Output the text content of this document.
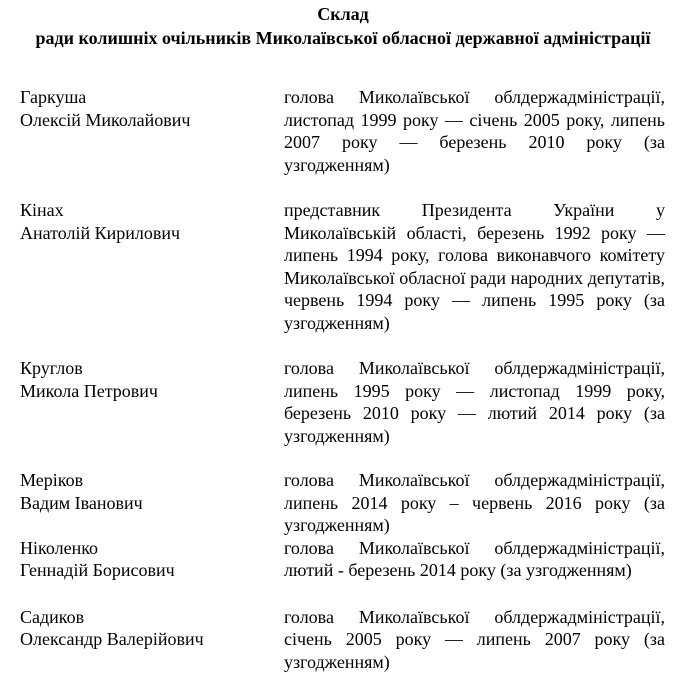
Склад
ради колишніх очільників Миколаївської обласної державної адміністрації
Гаркуша
Олексій Миколайович
голова Миколаївської облдержадміністрації, листопад 1999 року — січень 2005 року, липень 2007 року — березень 2010 року (за узгодженням)
Кінах
Анатолій Кирилович
представник Президента України у Миколаївській області, березень 1992 року — липень 1994 року, голова виконавчого комітету Миколаївської обласної ради народних депутатів, червень 1994 року — липень 1995 року (за узгодженням)
Круглов
Микола Петрович
голова Миколаївської облдержадміністрації, липень 1995 року — листопад 1999 року, березень 2010 року — лютий 2014 року (за узгодженням)
Меріков
Вадим Іванович
голова Миколаївської облдержадміністрації, липень 2014 року – червень 2016 року (за узгодженням)
Ніколенко
Геннадій Борисович
голова Миколаївської облдержадміністрації, лютий - березень 2014 року (за узгодженням)
Садиков
Олександр Валерійович
голова Миколаївської облдержадміністрації, січень 2005 року — липень 2007 року (за узгодженням)
